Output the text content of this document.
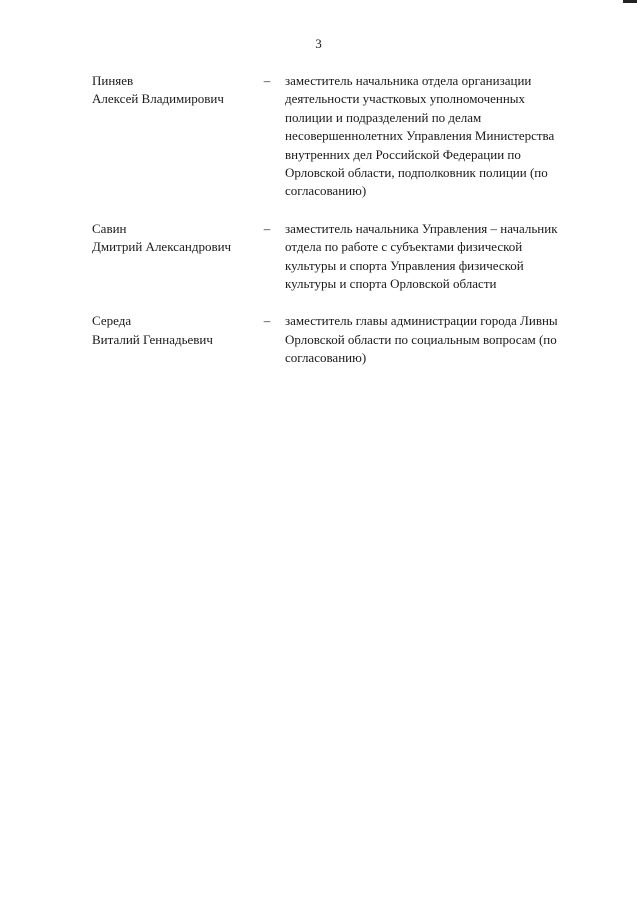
3
Пиняев
Алексей Владимирович
– заместитель начальника отдела организации деятельности участковых уполномоченных полиции и подразделений по делам несовершеннолетних Управления Министерства внутренних дел Российской Федерации по Орловской области, подполковник полиции (по согласованию)
Савин
Дмитрий Александрович
– заместитель начальника Управления – начальник отдела по работе с субъектами физической культуры и спорта Управления физической культуры и спорта Орловской области
Середа
Виталий Геннадьевич
– заместитель главы администрации города Ливны Орловской области по социальным вопросам (по согласованию)
